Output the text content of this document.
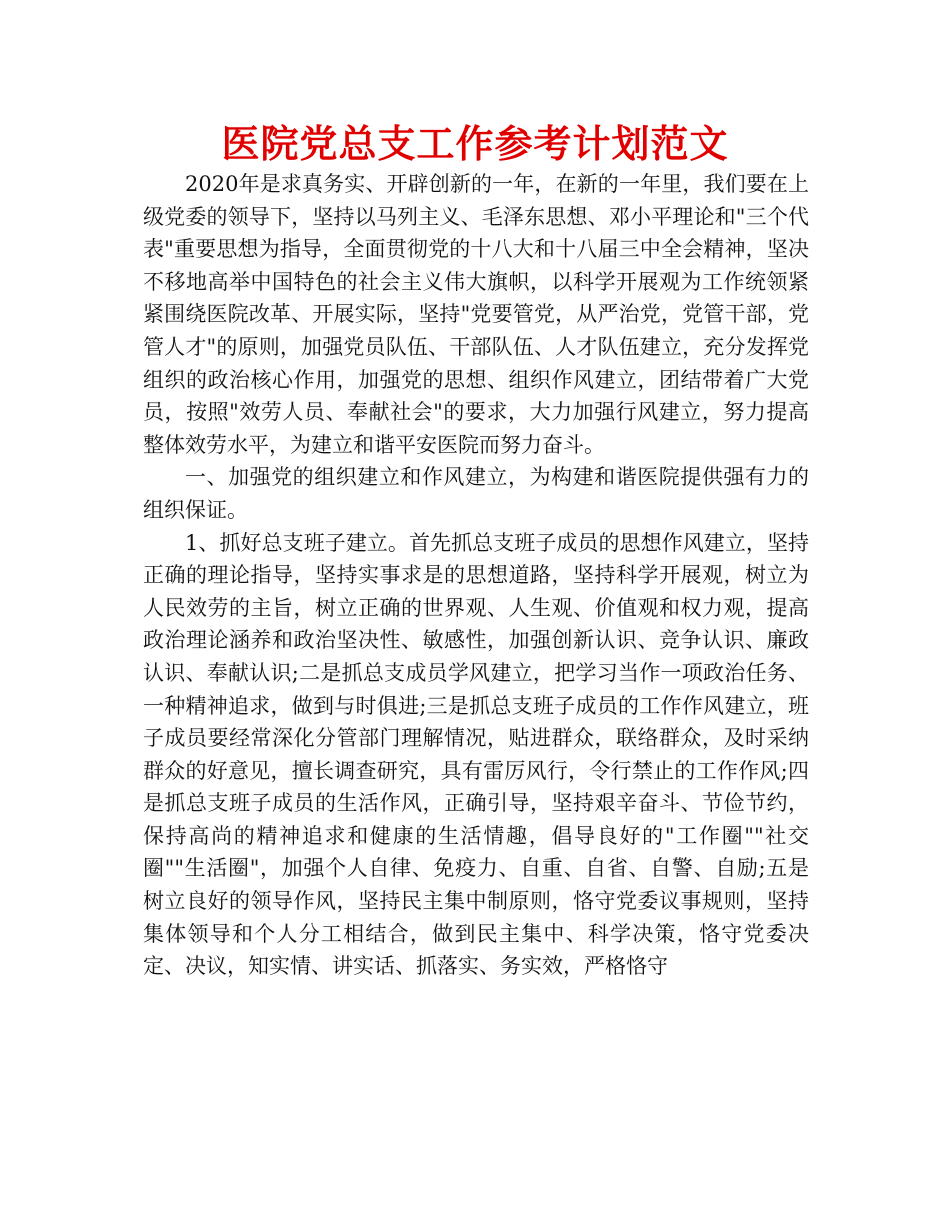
医院党总支工作参考计划范文

2020年是求真务实、开辟创新的一年，在新的一年里，我们要在上级党委的领导下，坚持以马列主义、毛泽东思想、邓小平理论和"三个代表"重要思想为指导，全面贯彻党的十八大和十八届三中全会精神，坚决不移地高举中国特色的社会主义伟大旗帜，以科学开展观为工作统领紧紧围绕医院改革、开展实际，坚持"党要管党，从严治党，党管干部，党管人才"的原则，加强党员队伍、干部队伍、人才队伍建立，充分发挥党组织的政治核心作用，加强党的思想、组织作风建立，团结带着广大党员，按照"效劳人员、奉献社会"的要求，大力加强行风建立，努力提高整体效劳水平，为建立和谐平安医院而努力奋斗。

一、加强党的组织建立和作风建立，为构建和谐医院提供强有力的组织保证。

1、抓好总支班子建立。首先抓总支班子成员的思想作风建立，坚持正确的理论指导，坚持实事求是的思想道路，坚持科学开展观，树立为人民效劳的主旨，树立正确的世界观、人生观、价值观和权力观，提高政治理论涵养和政治坚决性、敏感性，加强创新认识、竞争认识、廉政认识、奉献认识;二是抓总支成员学风建立，把学习当作一项政治任务、一种精神追求，做到与时俱进;三是抓总支班子成员的工作作风建立，班子成员要经常深化分管部门理解情况，贴进群众，联络群众，及时采纳群众的好意见，擅长调查研究，具有雷厉风行，令行禁止的工作作风;四是抓总支班子成员的生活作风，正确引导，坚持艰辛奋斗、节俭节约，保持高尚的精神追求和健康的生活情趣，倡导良好的"工作圈""社交圈""生活圈"，加强个人自律、免疫力、自重、自省、自警、自励;五是树立良好的领导作风，坚持民主集中制原则，恪守党委议事规则，坚持集体领导和个人分工相结合，做到民主集中、科学决策，恪守党委决定、决议，知实情、讲实话、抓落实、务实效，严格恪守
